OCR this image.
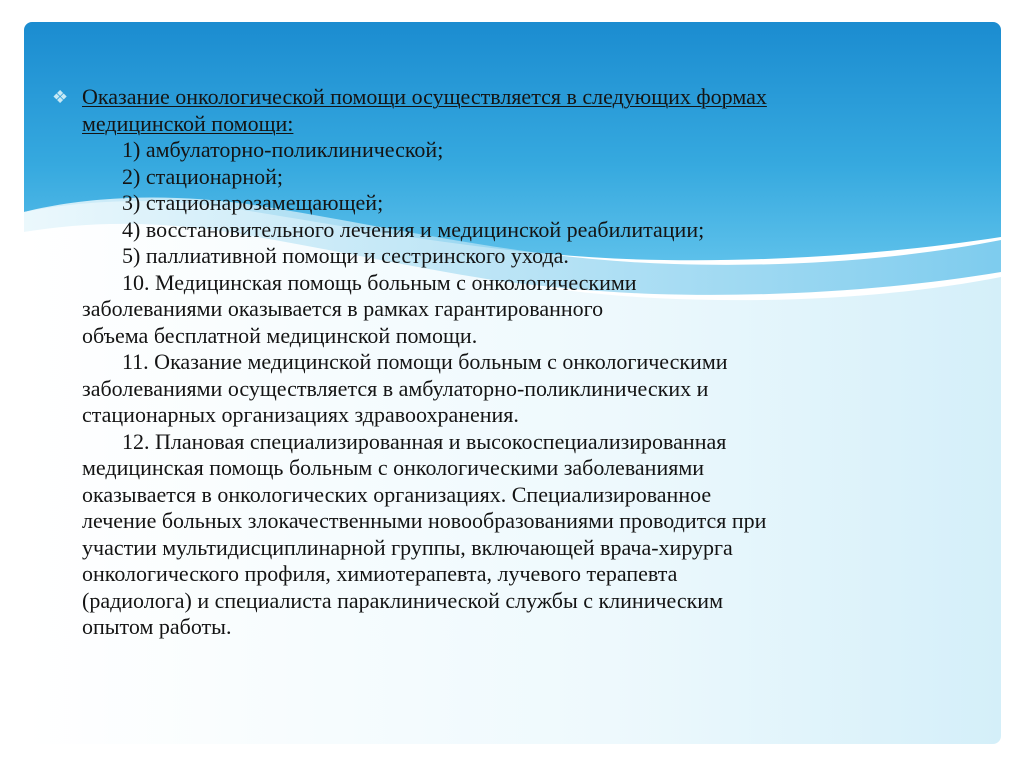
❖ Оказание онкологической помощи осуществляется в следующих формах
медицинской помощи:
1) амбулаторно-поликлинической;
2) стационарной;
3) стационарозамещающей;
4) восстановительного лечения и медицинской реабилитации;
5) паллиативной помощи и сестринского ухода.
10. Медицинская помощь больным с онкологическими
заболеваниями оказывается в рамках гарантированного
объема бесплатной медицинской помощи.
11. Оказание медицинской помощи больным с онкологическими
заболеваниями осуществляется в амбулаторно-поликлинических и
стационарных организациях здравоохранения.
12. Плановая специализированная и высокоспециализированная
медицинская помощь больным с онкологическими заболеваниями
оказывается в онкологических организациях. Специализированное
лечение больных злокачественными новообразованиями проводится при
участии мультидисциплинарной группы, включающей врача-хирурга
онкологического профиля, химиотерапевта, лучевого терапевта
(радиолога) и специалиста параклинической службы с клиническим
опытом работы.
